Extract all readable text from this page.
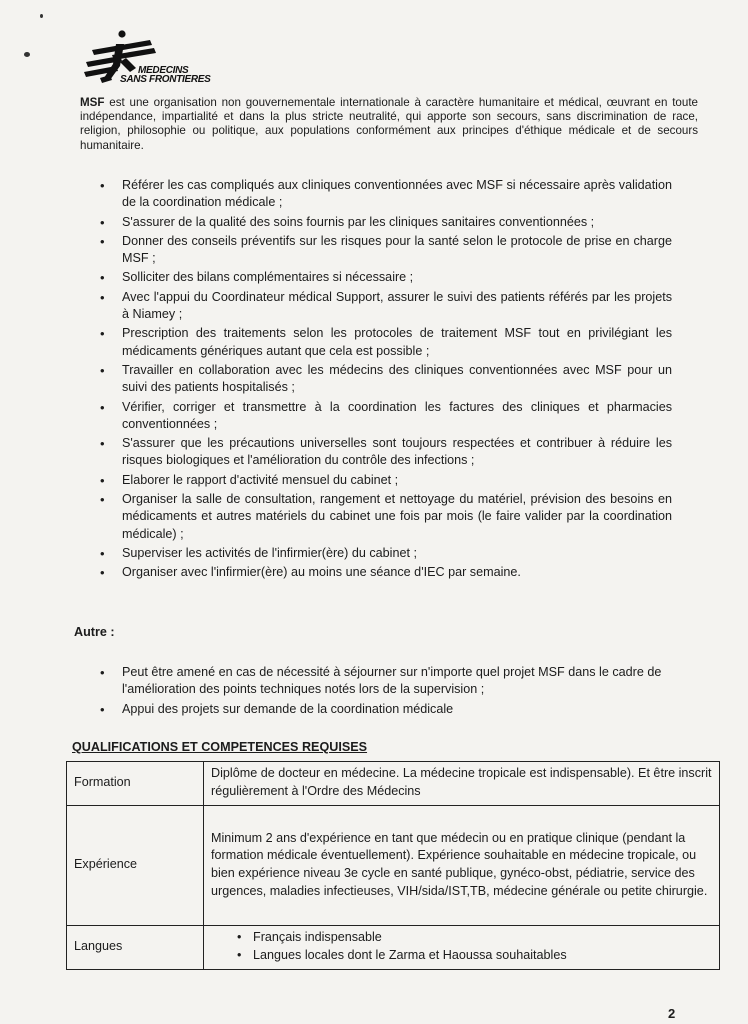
MEDECINS
SANS FRONTIERES

MSF est une organisation non gouvernementale internationale à caractère humanitaire et médical, œuvrant en toute indépendance, impartialité et dans la plus stricte neutralité, qui apporte son secours, sans discrimination de race, religion, philosophie ou politique, aux populations conformément aux principes d'éthique médicale et de secours humanitaire.

• Référer les cas compliqués aux cliniques conventionnées avec MSF si nécessaire après validation de la coordination médicale ;
• S'assurer de la qualité des soins fournis par les cliniques sanitaires conventionnées ;
• Donner des conseils préventifs sur les risques pour la santé selon le protocole de prise en charge MSF ;
• Solliciter des bilans complémentaires si nécessaire ;
• Avec l'appui du Coordinateur médical Support, assurer le suivi des patients référés par les projets à Niamey ;
• Prescription des traitements selon les protocoles de traitement MSF tout en privilégiant les médicaments génériques autant que cela est possible ;
• Travailler en collaboration avec les médecins des cliniques conventionnées avec MSF pour un suivi des patients hospitalisés ;
• Vérifier, corriger et transmettre à la coordination les factures des cliniques et pharmacies conventionnées ;
• S'assurer que les précautions universelles sont toujours respectées et contribuer à réduire les risques biologiques et l'amélioration du contrôle des infections ;
• Elaborer le rapport d'activité mensuel du cabinet ;
• Organiser la salle de consultation, rangement et nettoyage du matériel, prévision des besoins en médicaments et autres matériels du cabinet une fois par mois (le faire valider par la coordination médicale) ;
• Superviser les activités de l'infirmier(ère) du cabinet ;
• Organiser avec l'infirmier(ère) au moins une séance d'IEC par semaine.
Autre :
• Peut être amené en cas de nécessité à séjourner sur n'importe quel projet MSF dans le cadre de l'amélioration des points techniques notés lors de la supervision ;
• Appui des projets sur demande de la coordination médicale
QUALIFICATIONS ET COMPETENCES REQUISES
Formation	Diplôme de docteur en médecine. La médecine tropicale est indispensable). Et être inscrit régulièrement à l'Ordre des Médecins
Expérience	Minimum 2 ans d'expérience en tant que médecin ou en pratique clinique (pendant la formation médicale éventuellement). Expérience souhaitable en médecine tropicale, ou bien expérience niveau 3e cycle en santé publique, gynéco-obst, pédiatrie, service des urgences, maladies infectieuses, VIH/sida/IST,TB, médecine générale ou petite chirurgie.
Langues	
• Français indispensable
• Langues locales dont le Zarma et Haoussa souhaitables
2
